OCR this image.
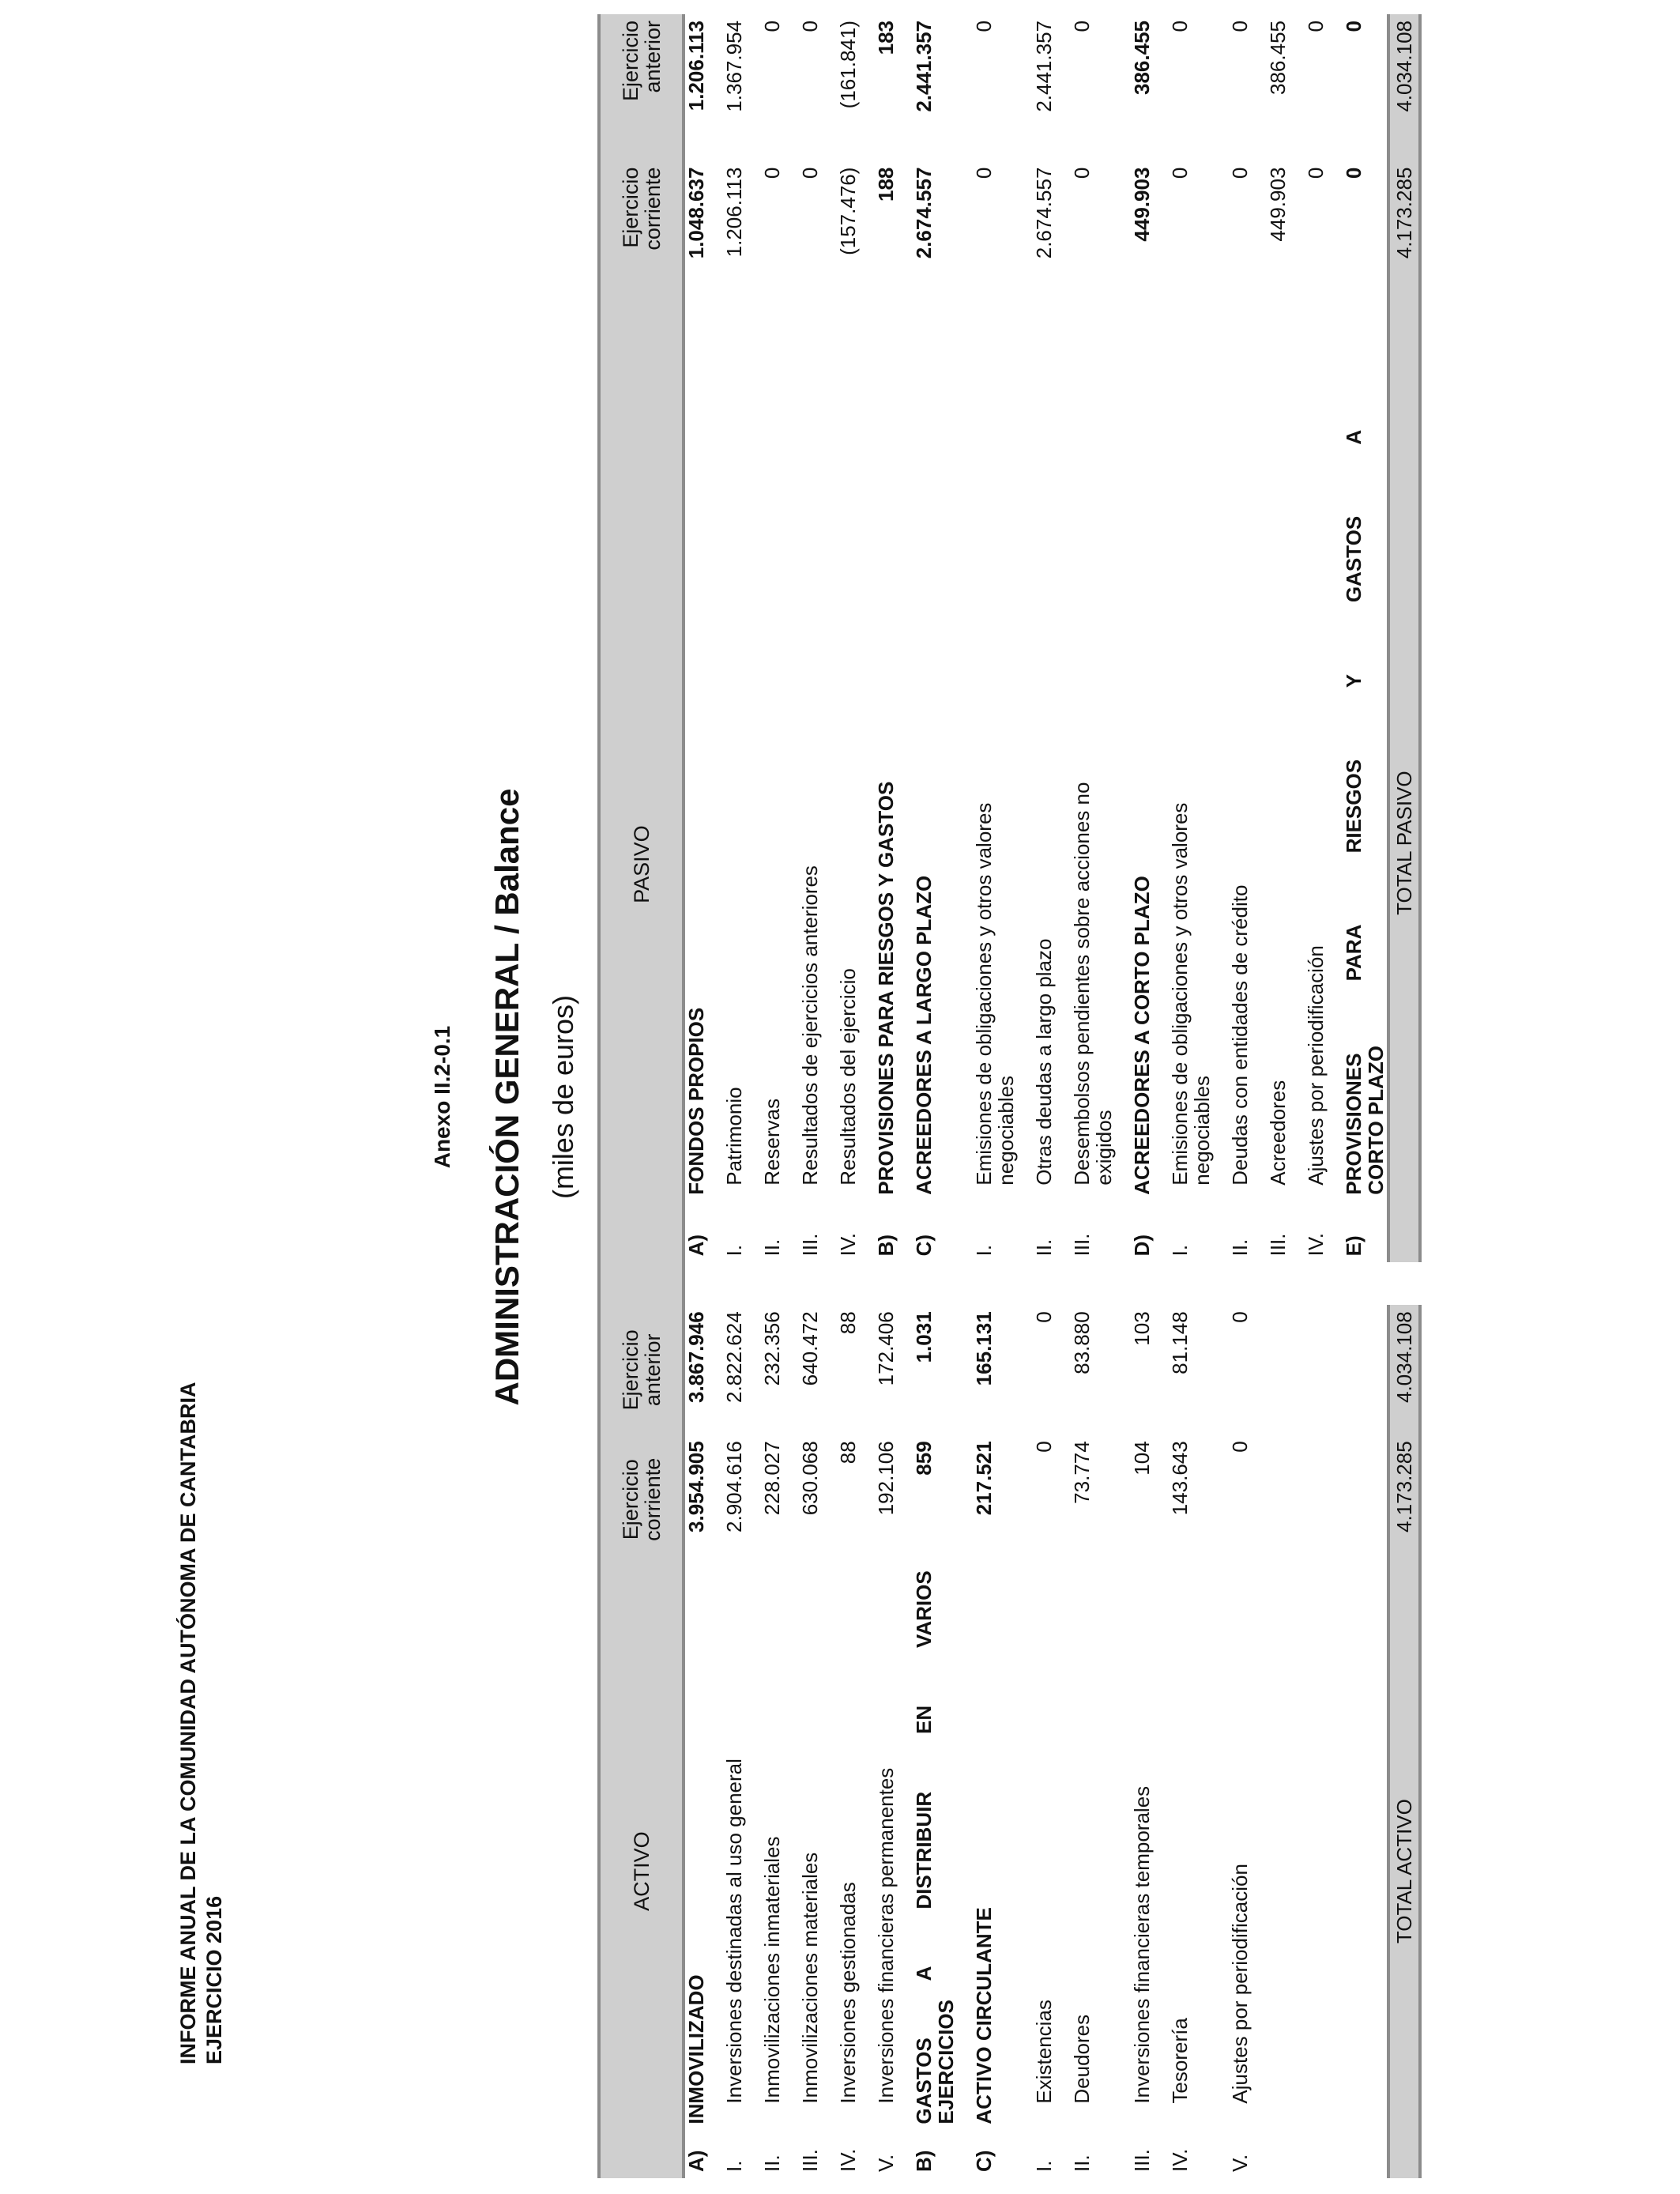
INFORME ANUAL DE LA COMUNIDAD AUTÓNOMA DE CANTABRIA EJERCICIO 2016
Anexo II.2-0.1 ADMINISTRACIÓN GENERAL / Balance (miles de euros)
ACTIVO		Ejercicio
corriente	Ejercicio
anterior	PASIVO			Ejercicio
corriente	Ejercicio
anterior
A)	INMOVILIZADO	3.954.905	3.867.946		A)	FONDOS PROPIOS	1.048.637	1.206.113

I.	Inversiones destinadas al uso general	2.904.616	2.822.624		I.	Patrimonio	1.206.113	1.367.954

II.	Inmovilizaciones inmateriales	228.027	232.356		II.	Reservas	0	0

III.	Inmovilizaciones materiales	630.068	640.472		III.	Resultados de ejercicios anteriores	0	0

IV.	Inversiones gestionadas	88	88		IV.	Resultados del ejercicio	(157.476)	(161.841)

V.	Inversiones financieras permanentes	192.106	172.406		B)	PROVISIONES PARA RIESGOS Y GASTOS	188	183

B)	GASTOS A DISTRIBUIR EN VARIOS
EJERCICIOS	859	1.031		C)	ACREEDORES A LARGO PLAZO	2.674.557	2.441.357

C)	ACTIVO CIRCULANTE	217.521	165.131		I.	Emisiones de obligaciones y otros valores
negociables	0	0

I.	Existencias	0	0		II.	Otras deudas a largo plazo	2.674.557	2.441.357

II.	Deudores	73.774	83.880		III.	Desembolsos pendientes sobre acciones no
exigidos	0	0

III.	Inversiones financieras temporales	104	103		D)	ACREEDORES A CORTO PLAZO	449.903	386.455

IV.	Tesorería	143.643	81.148		I.	Emisiones de obligaciones y otros valores
negociables	0	0

V.	Ajustes por periodificación	0	0		II.	Deudas con entidades de crédito	0	0

					III.	Acreedores	449.903	386.455

					IV.	Ajustes por periodificación	0	0

					E)	PROVISIONES PARA RIESGOS Y GASTOS A
CORTO PLAZO	0	0
TOTAL ACTIVO		4.173.285	4.034.108		TOTAL PASIVO		4.173.285	4.034.108
